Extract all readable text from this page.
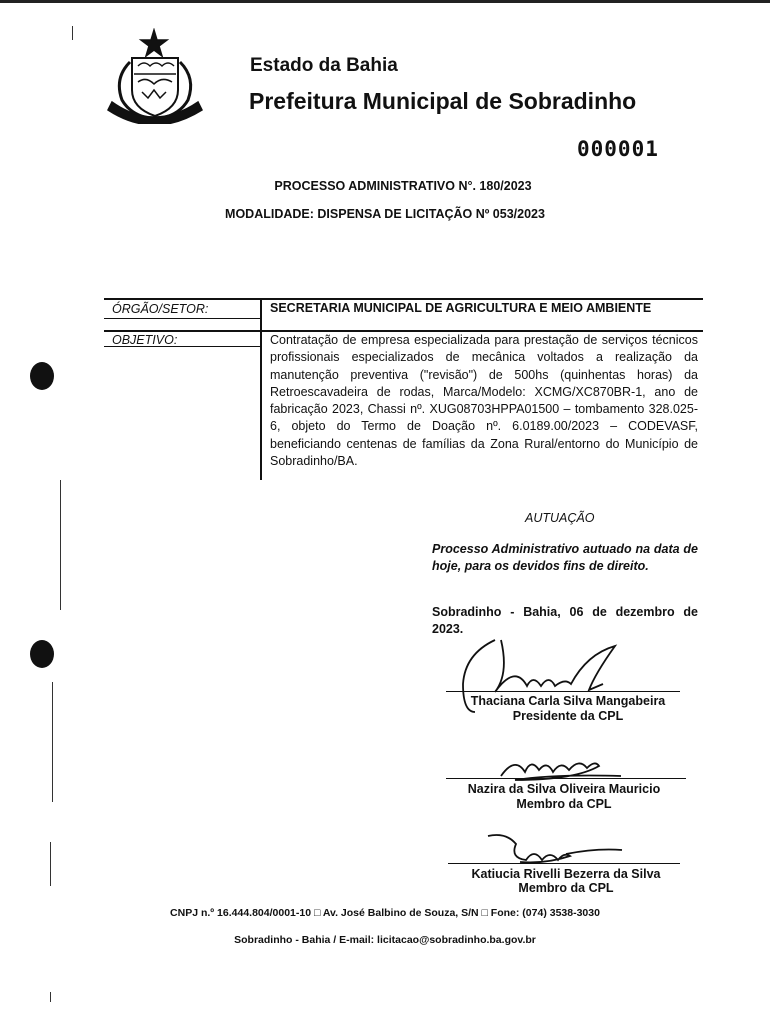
Estado da Bahia
Prefeitura Municipal de Sobradinho
000001
PROCESSO ADMINISTRATIVO N°. 180/2023
MODALIDADE: DISPENSA DE LICITAÇÃO Nº 053/2023
ÓRGÃO/SETOR:	SECRETARIA MUNICIPAL DE AGRICULTURA E MEIO AMBIENTE
OBJETIVO:	Contratação de empresa especializada para prestação de serviços técnicos profissionais especializados de mecânica voltados a realização da manutenção preventiva ("revisão") de 500hs (quinhentas horas) da Retroescavadeira de rodas, Marca/Modelo: XCMG/XC870BR-1, ano de fabricação 2023, Chassi nº. XUG08703HPPA01500 – tombamento 328.025-6, objeto do Termo de Doação nº. 6.0189.00/2023 – CODEVASF, beneficiando centenas de famílias da Zona Rural/entorno do Município de Sobradinho/BA.
AUTUAÇÃO
Processo Administrativo autuado na data de hoje, para os devidos fins de direito.
Sobradinho - Bahia, 06 de dezembro de 2023.
Thaciana Carla Silva Mangabeira
Presidente da CPL
Nazira da Silva Oliveira Mauricio
Membro da CPL
Katiucia Rivelli Bezerra da Silva
Membro da CPL
CNPJ n.º 16.444.804/0001-10 □ Av. José Balbino de Souza, S/N □ Fone: (074) 3538-3030
Sobradinho - Bahia / E-mail: licitacao@sobradinho.ba.gov.br
